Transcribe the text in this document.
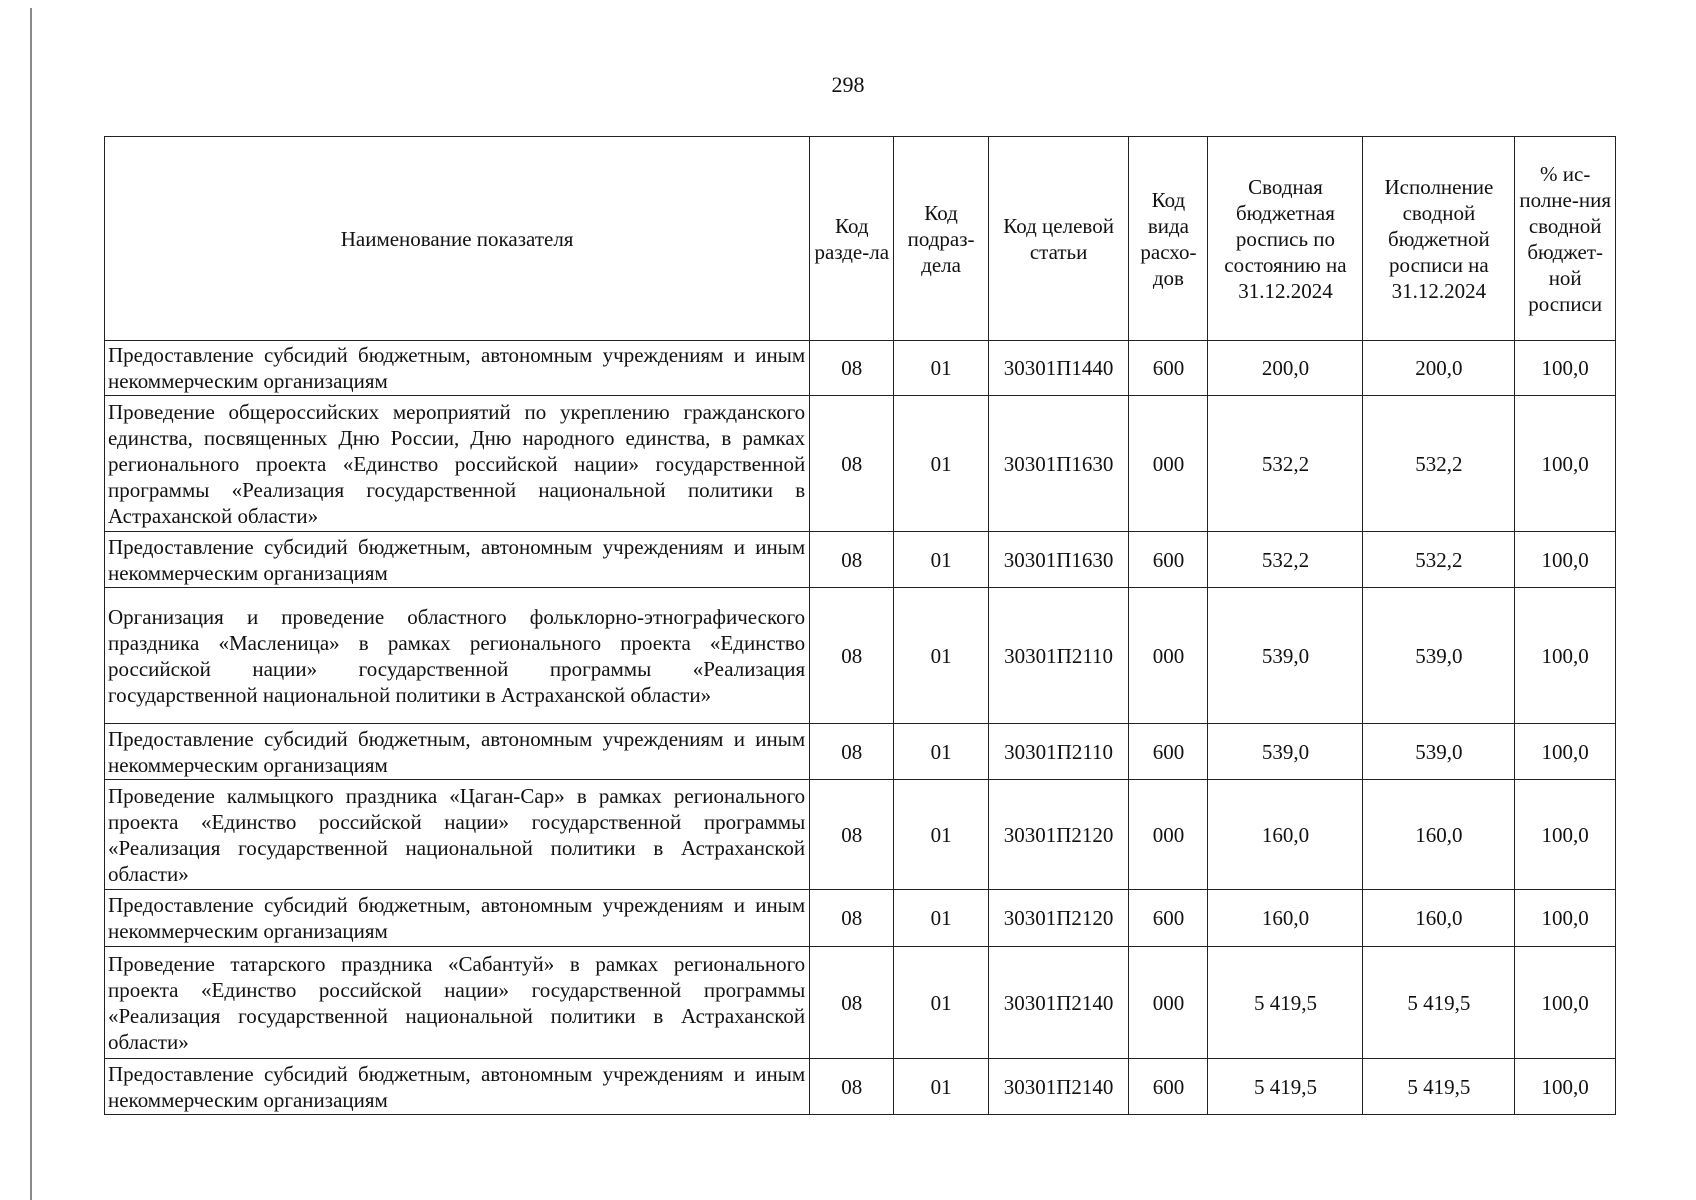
298
Наименование показателя	Код разде-ла	Код подраз-дела	Код целевой статьи	Код вида расхо-дов	Сводная бюджетная роспись по состоянию на 31.12.2024	Исполнение сводной бюджетной росписи на 31.12.2024	% ис-полне-ния сводной бюджет-ной росписи
Предоставление субсидий бюджетным, автономным учреждениям и иным некоммерческим организациям	08	01	30301П1440	600	200,0	200,0	100,0
Проведение общероссийских мероприятий по укреплению гражданского единства, посвященных Дню России, Дню народного единства, в рамках регионального проекта «Единство российской нации» государственной программы «Реализация государственной национальной политики в Астраханской области»	08	01	30301П1630	000	532,2	532,2	100,0
Предоставление субсидий бюджетным, автономным учреждениям и иным некоммерческим организациям	08	01	30301П1630	600	532,2	532,2	100,0
Организация и проведение областного фольклорно-этнографического праздника «Масленица» в рамках регионального проекта «Единство российской нации» государственной программы «Реализация государственной национальной политики в Астраханской области»	08	01	30301П2110	000	539,0	539,0	100,0
Предоставление субсидий бюджетным, автономным учреждениям и иным некоммерческим организациям	08	01	30301П2110	600	539,0	539,0	100,0
Проведение калмыцкого праздника «Цаган-Сар» в рамках регионального проекта «Единство российской нации» государственной программы «Реализация государственной национальной политики в Астраханской области»	08	01	30301П2120	000	160,0	160,0	100,0
Предоставление субсидий бюджетным, автономным учреждениям и иным некоммерческим организациям	08	01	30301П2120	600	160,0	160,0	100,0
Проведение татарского праздника «Сабантуй» в рамках регионального проекта «Единство российской нации» государственной программы «Реализация государственной национальной политики в Астраханской области»	08	01	30301П2140	000	5 419,5	5 419,5	100,0
Предоставление субсидий бюджетным, автономным учреждениям и иным некоммерческим организациям	08	01	30301П2140	600	5 419,5	5 419,5	100,0
